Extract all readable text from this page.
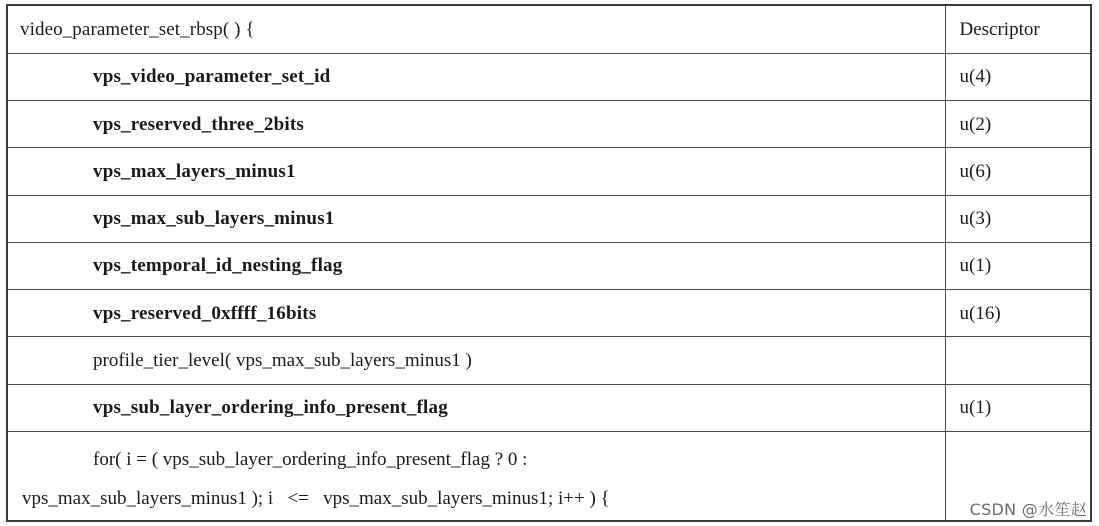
video_parameter_set_rbsp( ) {	Descriptor
vps_video_parameter_set_id	u(4)
vps_reserved_three_2bits	u(2)
vps_max_layers_minus1	u(6)
vps_max_sub_layers_minus1	u(3)
vps_temporal_id_nesting_flag	u(1)
vps_reserved_0xffff_16bits	u(16)
profile_tier_level( vps_max_sub_layers_minus1 )	
vps_sub_layer_ordering_info_present_flag	u(1)

for( i = ( vps_sub_layer_ordering_info_present_flag ? 0 :
vps_max_sub_layers_minus1 ); i   <=   vps_max_sub_layers_minus1; i++ ) {	

CSDN @水笙赵
